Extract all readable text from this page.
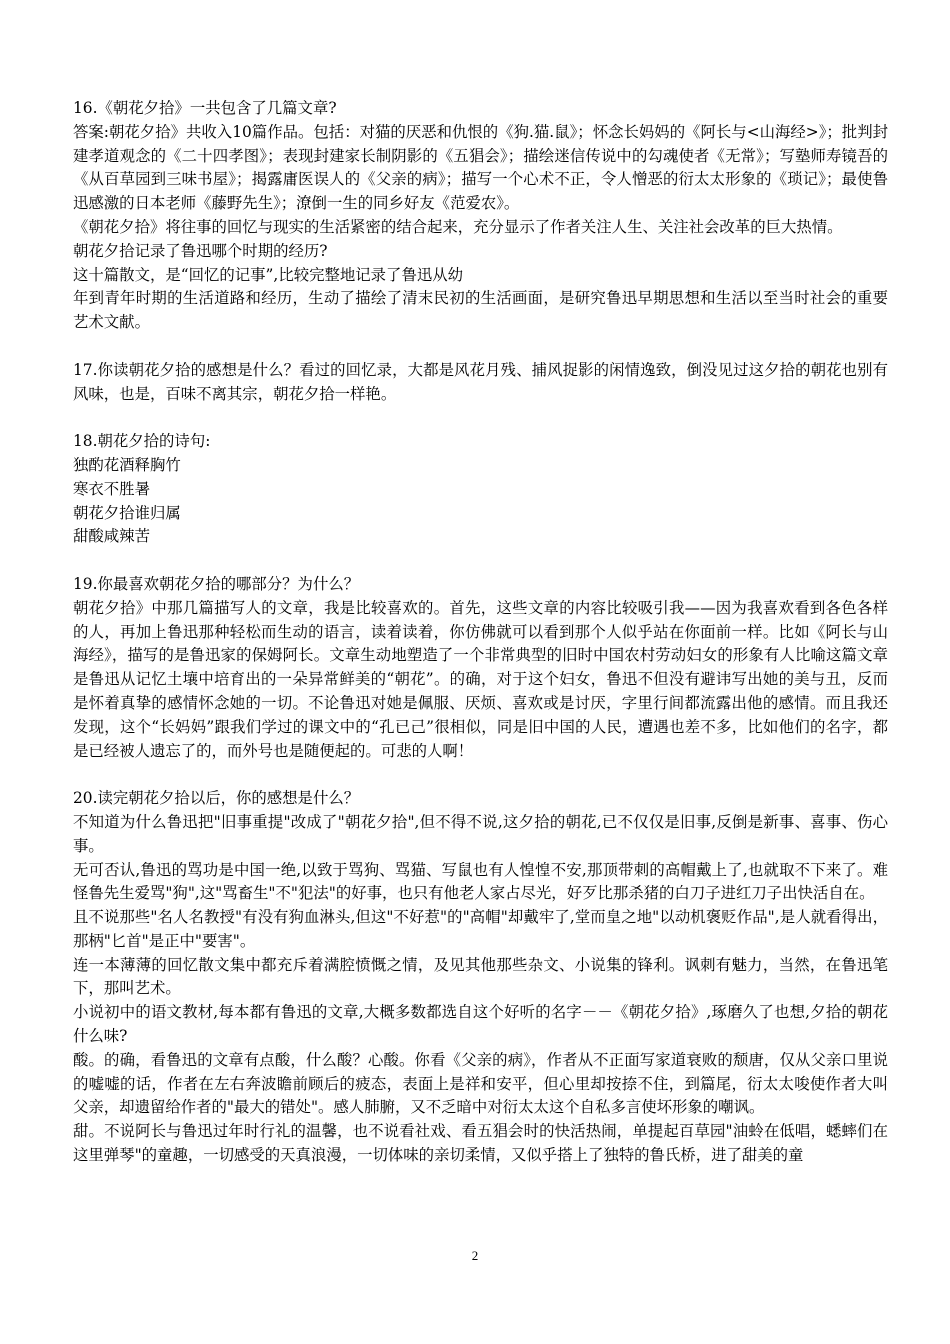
16.《朝花夕拾》一共包含了几篇文章?

答案:朝花夕拾》共收入10篇作品。包括：对猫的厌恶和仇恨的《狗.猫.鼠》；怀念长妈妈的《阿长与<山海经>》；批判封建孝道观念的《二十四孝图》；表现封建家长制阴影的《五猖会》；描绘迷信传说中的勾魂使者《无常》；写塾师寿镜吾的《从百草园到三味书屋》；揭露庸医误人的《父亲的病》；描写一个心术不正，令人憎恶的衍太太形象的《琐记》；最使鲁迅感激的日本老师《藤野先生》；潦倒一生的同乡好友《范爱农》。

《朝花夕拾》将往事的回忆与现实的生活紧密的结合起来，充分显示了作者关注人生、关注社会改革的巨大热情。

朝花夕拾记录了鲁迅哪个时期的经历?

这十篇散文，是“回忆的记事”,比较完整地记录了鲁迅从幼

年到青年时期的生活道路和经历，生动了描绘了清末民初的生活画面，是研究鲁迅早期思想和生活以至当时社会的重要艺术文献。

17.你读朝花夕拾的感想是什么？看过的回忆录，大都是风花月残、捕风捉影的闲情逸致，倒没见过这夕拾的朝花也别有风味，也是，百味不离其宗，朝花夕拾一样艳。

18.朝花夕拾的诗句:

独酌花酒释胸竹

寒衣不胜暑

朝花夕拾谁归属

甜酸咸辣苦

19.你最喜欢朝花夕拾的哪部分？为什么？

朝花夕拾》中那几篇描写人的文章，我是比较喜欢的。首先，这些文章的内容比较吸引我——因为我喜欢看到各色各样的人，再加上鲁迅那种轻松而生动的语言，读着读着，你仿佛就可以看到那个人似乎站在你面前一样。比如《阿长与山海经》，描写的是鲁迅家的保姆阿长。文章生动地塑造了一个非常典型的旧时中国农村劳动妇女的形象有人比喻这篇文章是鲁迅从记忆土壤中培育出的一朵异常鲜美的“朝花”。的确，对于这个妇女，鲁迅不但没有避讳写出她的美与丑，反而是怀着真挚的感情怀念她的一切。不论鲁迅对她是佩服、厌烦、喜欢或是讨厌，字里行间都流露出他的感情。而且我还发现，这个“长妈妈”跟我们学过的课文中的“孔已己”很相似，同是旧中国的人民，遭遇也差不多，比如他们的名字，都是已经被人遗忘了的，而外号也是随便起的。可悲的人啊！

20.读完朝花夕拾以后，你的感想是什么？

不知道为什么鲁迅把"旧事重提"改成了"朝花夕拾",但不得不说,这夕拾的朝花,已不仅仅是旧事,反倒是新事、喜事、伤心事。

无可否认,鲁迅的骂功是中国一绝,以致于骂狗、骂猫、写鼠也有人惶惶不安,那顶带刺的高帽戴上了,也就取不下来了。难怪鲁先生爱骂"狗",这"骂畜生"不"犯法"的好事，也只有他老人家占尽光，好歹比那杀猪的白刀子进红刀子出快活自在。

且不说那些"名人名教授"有没有狗血淋头,但这"不好惹"的"高帽"却戴牢了,堂而皇之地"以动机褒贬作品",是人就看得出，那柄"匕首"是正中"要害"。

连一本薄薄的回忆散文集中都充斥着满腔愤慨之情，及见其他那些杂文、小说集的锋利。讽刺有魅力，当然，在鲁迅笔下，那叫艺术。

小说初中的语文教材,每本都有鲁迅的文章,大概多数都选自这个好听的名字－－《朝花夕拾》,琢磨久了也想,夕拾的朝花什么味?

酸。的确，看鲁迅的文章有点酸，什么酸？心酸。你看《父亲的病》，作者从不正面写家道衰败的颓唐，仅从父亲口里说的嘘嘘的话，作者在左右奔波瞻前顾后的疲态，表面上是祥和安平，但心里却按捺不住，到篇尾，衍太太唆使作者大叫父亲，却遗留给作者的"最大的错处"。感人肺腑，又不乏暗中对衍太太这个自私多言使坏形象的嘲讽。

甜。不说阿长与鲁迅过年时行礼的温馨，也不说看社戏、看五猖会时的快活热闹，单提起百草园"油蛉在低唱，蟋蟀们在这里弹琴"的童趣，一切感受的天真浪漫，一切体味的亲切柔情，又似乎搭上了独特的鲁氏桥，进了甜美的童

2
